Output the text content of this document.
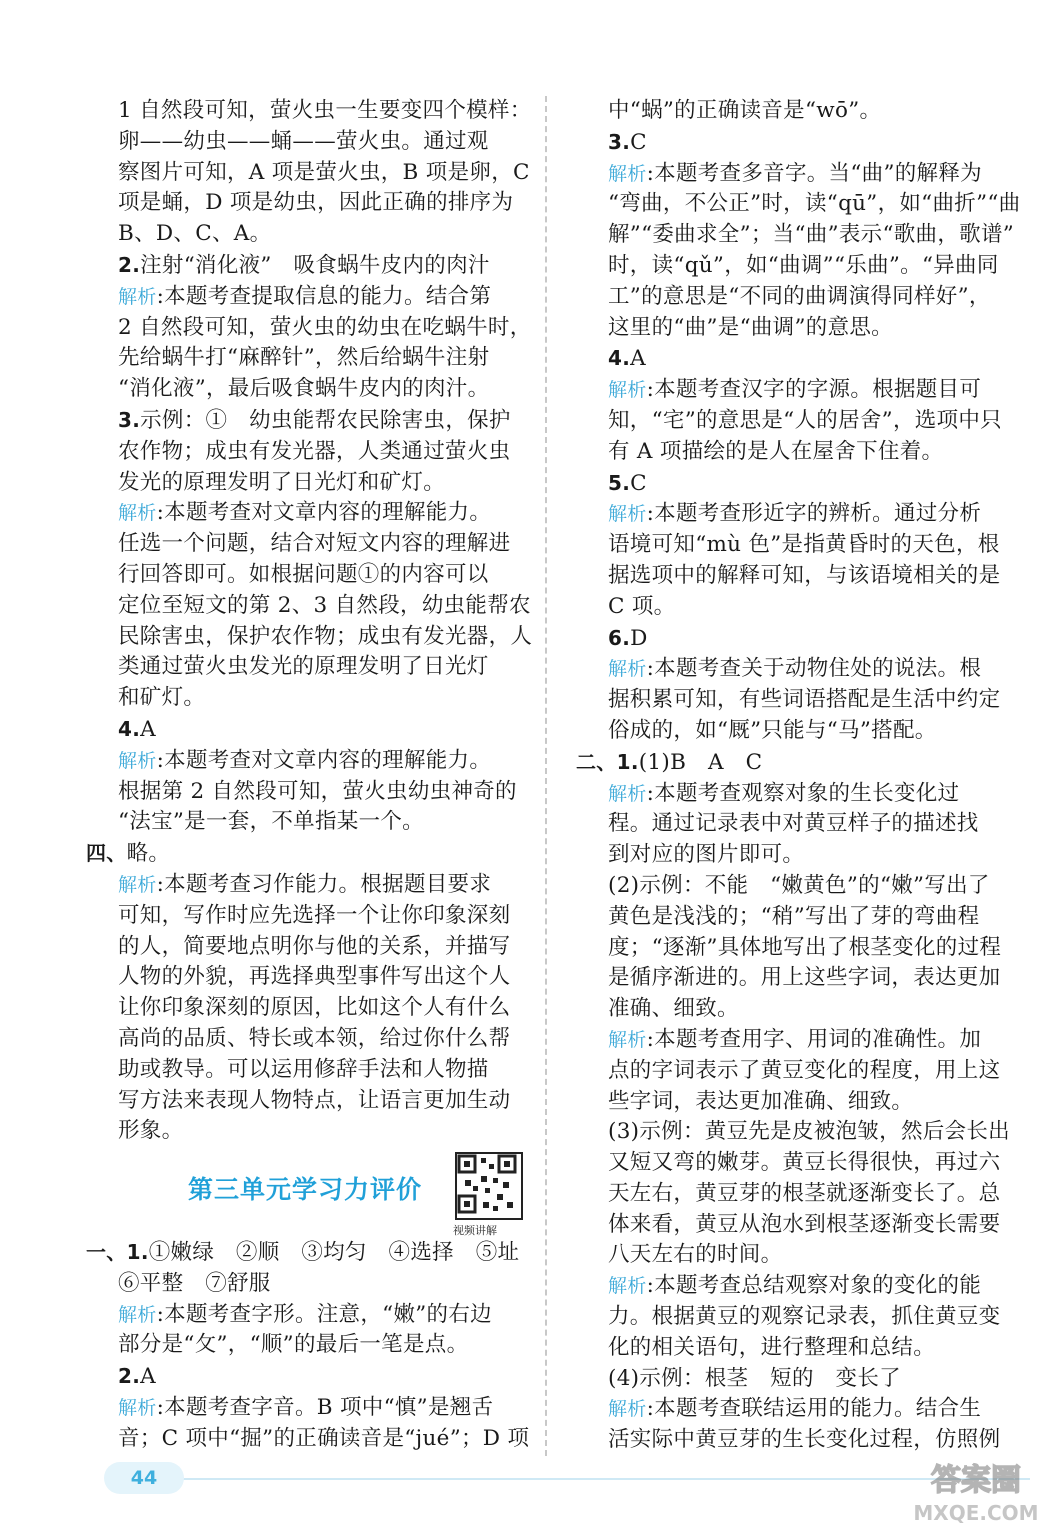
1 自然段可知，萤火虫一生要变四个模样：
卵——幼虫——蛹——萤火虫。通过观
察图片可知，A 项是萤火虫，B 项是卵，C
项是蛹，D 项是幼虫，因此正确的排序为
B、D、C、A。
2.注射“消化液”　吸食蜗牛皮内的肉汁
解析:本题考查提取信息的能力。结合第
2 自然段可知，萤火虫的幼虫在吃蜗牛时，
先给蜗牛打“麻醉针”，然后给蜗牛注射
“消化液”，最后吸食蜗牛皮内的肉汁。
3.示例：①　幼虫能帮农民除害虫，保护
农作物；成虫有发光器，人类通过萤火虫
发光的原理发明了日光灯和矿灯。
解析:本题考查对文章内容的理解能力。
任选一个问题，结合对短文内容的理解进
行回答即可。如根据问题①的内容可以
定位至短文的第 2、3 自然段，幼虫能帮农
民除害虫，保护农作物；成虫有发光器，人
类通过萤火虫发光的原理发明了日光灯
和矿灯。
4.A
解析:本题考查对文章内容的理解能力。
根据第 2 自然段可知，萤火虫幼虫神奇的
“法宝”是一套，不单指某一个。
四、略。
解析:本题考查习作能力。根据题目要求
可知，写作时应先选择一个让你印象深刻
的人，简要地点明你与他的关系，并描写
人物的外貌，再选择典型事件写出这个人
让你印象深刻的原因，比如这个人有什么
高尚的品质、特长或本领，给过你什么帮
助或教导。可以运用修辞手法和人物描
写方法来表现人物特点，让语言更加生动
形象。
第三单元学习力评价
视频讲解
一、1.①嫩绿　②顺　③均匀　④选择　⑤址
⑥平整　⑦舒服
解析:本题考查字形。注意，“嫩”的右边
部分是“攵”，“顺”的最后一笔是点。
2.A
解析:本题考查字音。B 项中“慎”是翘舌
音；C 项中“掘”的正确读音是“jué”；D 项
中“蜗”的正确读音是“wō”。
3.C
解析:本题考查多音字。当“曲”的解释为
“弯曲，不公正”时，读“qū”，如“曲折”“曲
解”“委曲求全”；当“曲”表示“歌曲，歌谱”
时，读“qǔ”，如“曲调”“乐曲”。“异曲同
工”的意思是“不同的曲调演得同样好”，
这里的“曲”是“曲调”的意思。
4.A
解析:本题考查汉字的字源。根据题目可
知，“宅”的意思是“人的居舍”，选项中只
有 A 项描绘的是人在屋舍下住着。
5.C
解析:本题考查形近字的辨析。通过分析
语境可知“mù 色”是指黄昏时的天色，根
据选项中的解释可知，与该语境相关的是
C 项。
6.D
解析:本题考查关于动物住处的说法。根
据积累可知，有些词语搭配是生活中约定
俗成的，如“厩”只能与“马”搭配。
二、1.(1)B　A　C
解析:本题考查观察对象的生长变化过
程。通过记录表中对黄豆样子的描述找
到对应的图片即可。
(2)示例：不能　“嫩黄色”的“嫩”写出了
黄色是浅浅的；“稍”写出了芽的弯曲程
度；“逐渐”具体地写出了根茎变化的过程
是循序渐进的。用上这些字词，表达更加
准确、细致。
解析:本题考查用字、用词的准确性。加
点的字词表示了黄豆变化的程度，用上这
些字词，表达更加准确、细致。
(3)示例：黄豆先是皮被泡皱，然后会长出
又短又弯的嫩芽。黄豆长得很快，再过六
天左右，黄豆芽的根茎就逐渐变长了。总
体来看，黄豆从泡水到根茎逐渐变长需要
八天左右的时间。
解析:本题考查总结观察对象的变化的能
力。根据黄豆的观察记录表，抓住黄豆变
化的相关语句，进行整理和总结。
(4)示例：根茎　短的　变长了
解析:本题考查联结运用的能力。结合生
活实际中黄豆芽的生长变化过程，仿照例
44	答案圈
MXQE.COM
